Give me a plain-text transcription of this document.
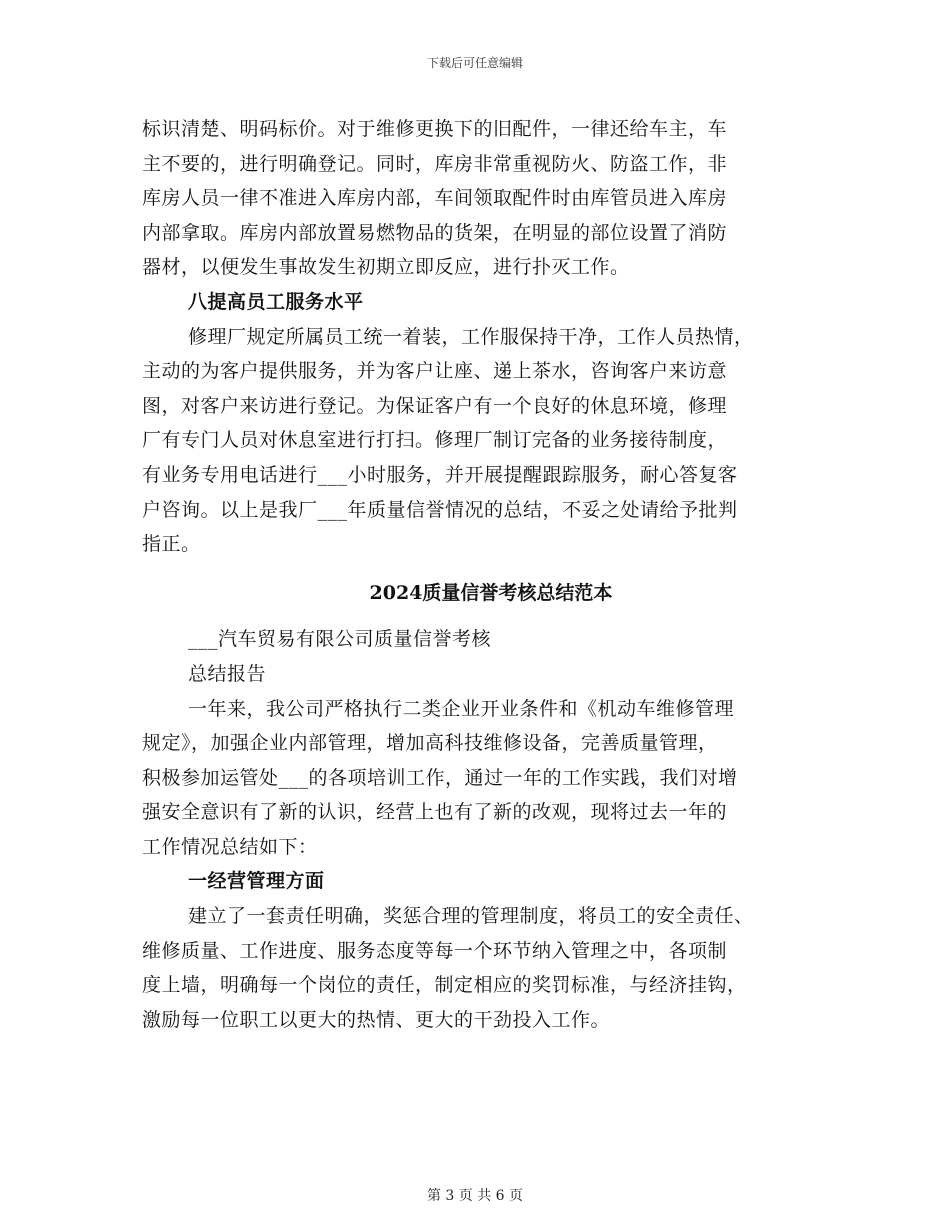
下载后可任意编辑
标识清楚、明码标价。对于维修更换下的旧配件，一律还给车主，车
主不要的，进行明确登记。同时，库房非常重视防火、防盗工作，非
库房人员一律不准进入库房内部，车间领取配件时由库管员进入库房
内部拿取。库房内部放置易燃物品的货架，在明显的部位设置了消防
器材，以便发生事故发生初期立即反应，进行扑灭工作。
八提高员工服务水平
修理厂规定所属员工统一着装，工作服保持干净，工作人员热情，
主动的为客户提供服务，并为客户让座、递上茶水，咨询客户来访意
图，对客户来访进行登记。为保证客户有一个良好的休息环境，修理
厂有专门人员对休息室进行打扫。修理厂制订完备的业务接待制度，
有业务专用电话进行___小时服务，并开展提醒跟踪服务，耐心答复客
户咨询。以上是我厂___年质量信誉情况的总结，不妥之处请给予批判
指正。
2024质量信誉考核总结范本
___汽车贸易有限公司质量信誉考核
总结报告
一年来，我公司严格执行二类企业开业条件和《机动车维修管理
规定》，加强企业内部管理，增加高科技维修设备，完善质量管理，
积极参加运管处___的各项培训工作，通过一年的工作实践，我们对增
强安全意识有了新的认识，经营上也有了新的改观，现将过去一年的
工作情况总结如下：
一经营管理方面
建立了一套责任明确，奖惩合理的管理制度，将员工的安全责任、
维修质量、工作进度、服务态度等每一个环节纳入管理之中，各项制
度上墙，明确每一个岗位的责任，制定相应的奖罚标准，与经济挂钩，
激励每一位职工以更大的热情、更大的干劲投入工作。
第 3 页 共 6 页
